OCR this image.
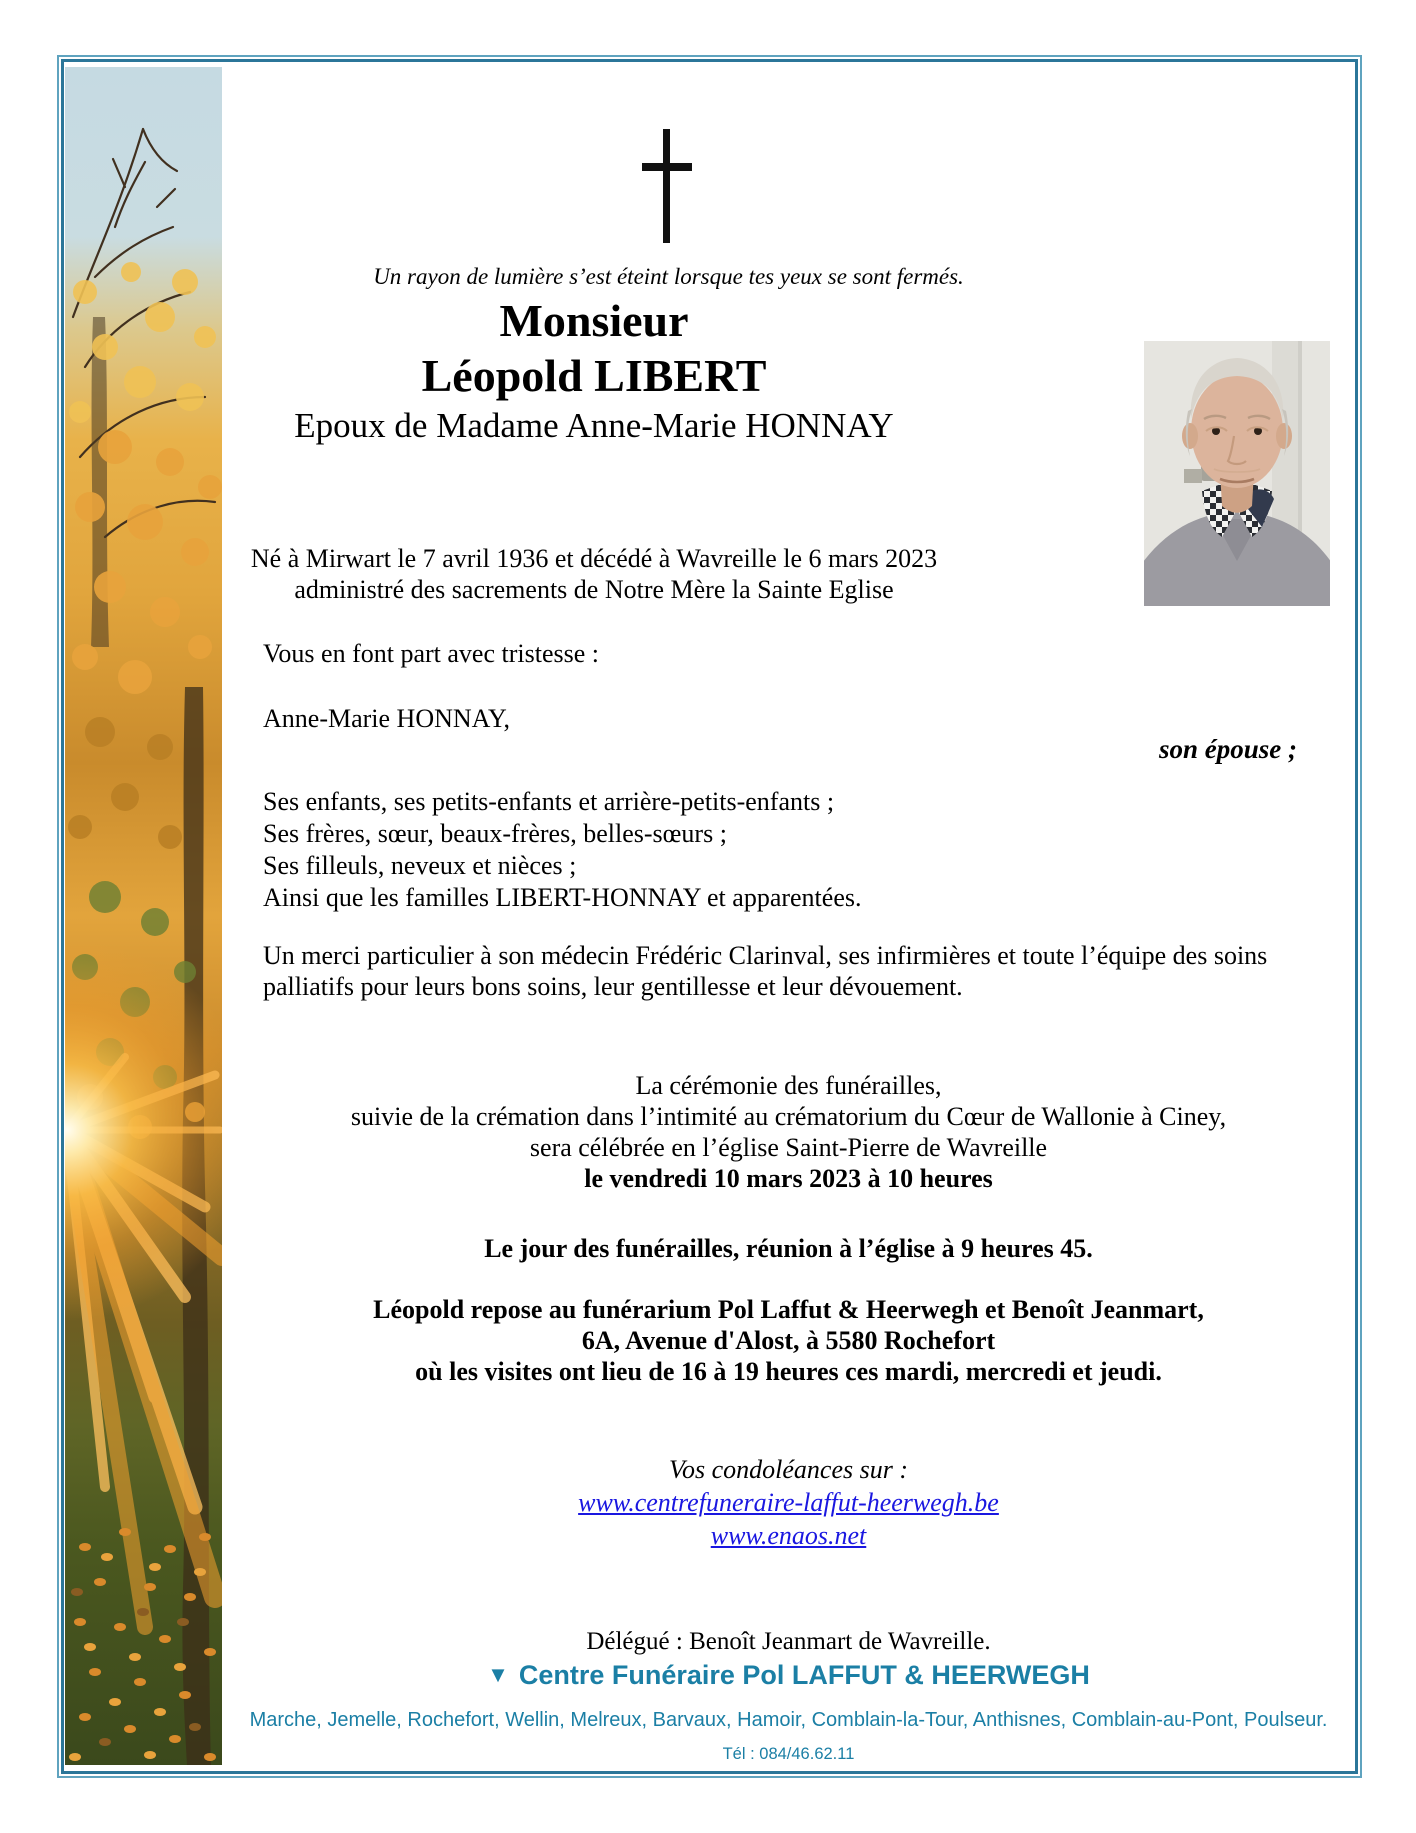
Un rayon de lumière s’est éteint lorsque tes yeux se sont fermés.
Monsieur
Léopold LIBERT
Epoux de Madame Anne-Marie HONNAY
Né à Mirwart le 7 avril 1936 et décédé à Wavreille le 6 mars 2023
administré des sacrements de Notre Mère la Sainte Eglise
Vous en font part avec tristesse :
Anne-Marie HONNAY,
son épouse ;
Ses enfants, ses petits-enfants et arrière-petits-enfants ;
Ses frères, sœur, beaux-frères, belles-sœurs ;
Ses filleuls, neveux et nièces ;
Ainsi que les familles LIBERT-HONNAY et apparentées.
Un merci particulier à son médecin Frédéric Clarinval, ses infirmières et toute l’équipe des soins palliatifs pour leurs bons soins, leur gentillesse et leur dévouement.
La cérémonie des funérailles,
suivie de la crémation dans l’intimité au crématorium du Cœur de Wallonie à Ciney,
sera célébrée en l’église Saint-Pierre de Wavreille
le vendredi 10 mars 2023 à 10 heures
Le jour des funérailles, réunion à l’église à 9 heures 45.
Léopold repose au funérarium Pol Laffut & Heerwegh et Benoît Jeanmart,
6A, Avenue d'Alost, à 5580 Rochefort
où les visites ont lieu de 16 à 19 heures ces mardi, mercredi et jeudi.
Vos condoléances sur :
www.centrefuneraire-laffut-heerwegh.be
www.enaos.net
Délégué : Benoît Jeanmart de Wavreille.
▼ Centre Funéraire Pol LAFFUT & HEERWEGH
Marche, Jemelle, Rochefort, Wellin, Melreux, Barvaux, Hamoir, Comblain-la-Tour, Anthisnes, Comblain-au-Pont, Poulseur.
Tél : 084/46.62.11
